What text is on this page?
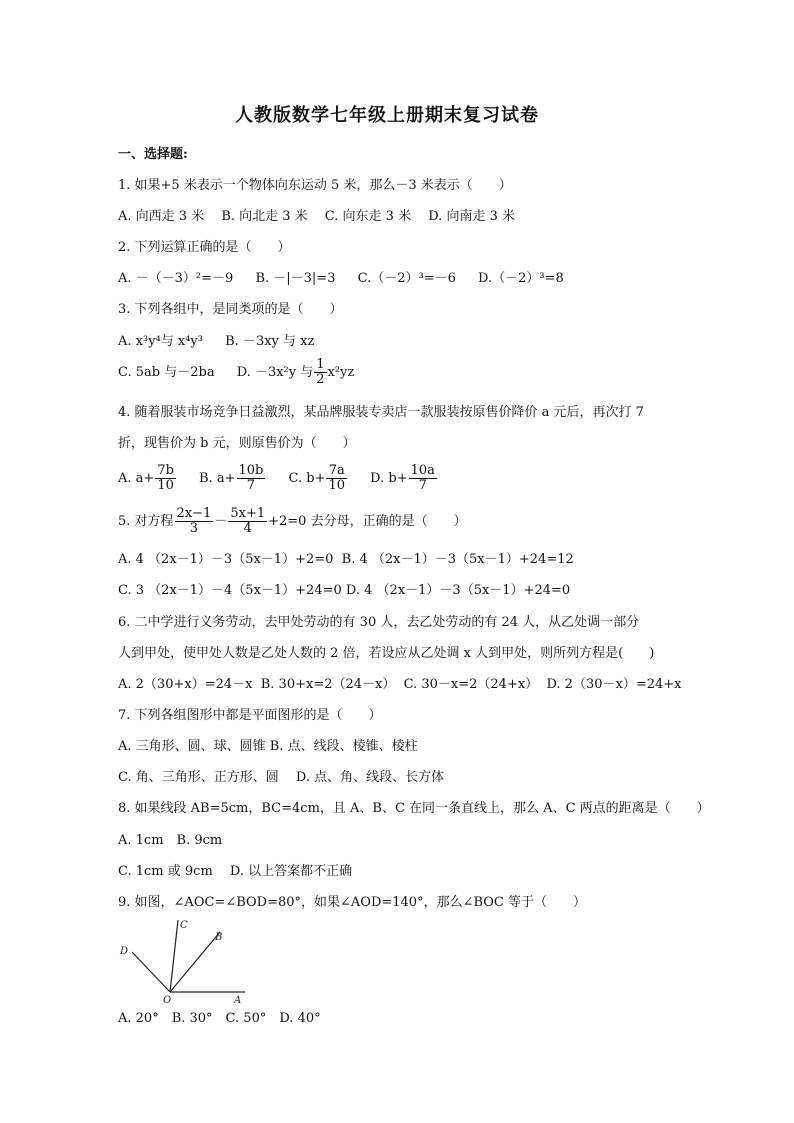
人教版数学七年级上册期末复习试卷
一、选择题:
1. 如果+5 米表示一个物体向东运动 5 米，那么－3 米表示（　　）
A. 向西走 3 米　 B. 向北走 3 米　 C. 向东走 3 米　 D. 向南走 3 米
2. 下列运算正确的是（　　）
A. －（－3）²=－9 B. －|－3|=3 C.（－2）³=－6 D.（－2）³=8
3. 下列各组中，是同类项的是（　　）
A. x³y⁴与 x⁴y³ B. －3xy 与 xz
C. 5ab 与－2ba D. －3x²y 与 $\frac{1}{2} x^2yz$
4. 随着服装市场竞争日益激烈，某品牌服装专卖店一款服装按原售价降价 a 元后，再次打 7
折，现售价为 b 元，则原售价为（　　）
A. $a+ \frac{7b}{10} B$. $a+ \frac{10b}{7} C$. $b+ \frac{7a}{10} D$. $b+ \frac{10a}{7}$
5. 对方程 $\frac{2x-1}{3} - \frac{5x+1}{4} +2=0$ 去分母，正确的是（　　）
A. 4 （2x－1）－3（5x－1）+2=0 B. 4 （2x－1）－3（5x－1）+24=12
C. 3 （2x－1）－4（5x－1）+24=0 D. 4 （2x－1）－3（5x－1）+24=0
6. 二中学进行义务劳动，去甲处劳动的有 30 人，去乙处劳动的有 24 人，从乙处调一部分
人到甲处，使甲处人数是乙处人数的 2 倍，若设应从乙处调 x 人到甲处，则所列方程是(　　)
A. 2（30+x）=24－x B. 30+x=2（24－x） C. 30－x=2（24+x） D. 2（30－x）=24+x
7. 下列各组图形中都是平面图形的是（　　）
A. 三角形、圆、球、圆锥 B. 点、线段、棱锥、棱柱
C. 角、三角形、正方形、圆　 D. 点、角、线段、长方体
8. 如果线段 AB=5cm，BC=4cm，且 A、B、C 在同一条直线上，那么 A、C 两点的距离是（　　）
A. 1cm　B. 9cm
C. 1cm 或 9cm　 D. 以上答案都不正确
9. 如图，∠AOC=∠BOD=80°，如果∠AOD=140°，那么∠BOC 等于（　　）
C
B
D
O	A
A. 20°　B. 30°　C. 50°　D. 40°
